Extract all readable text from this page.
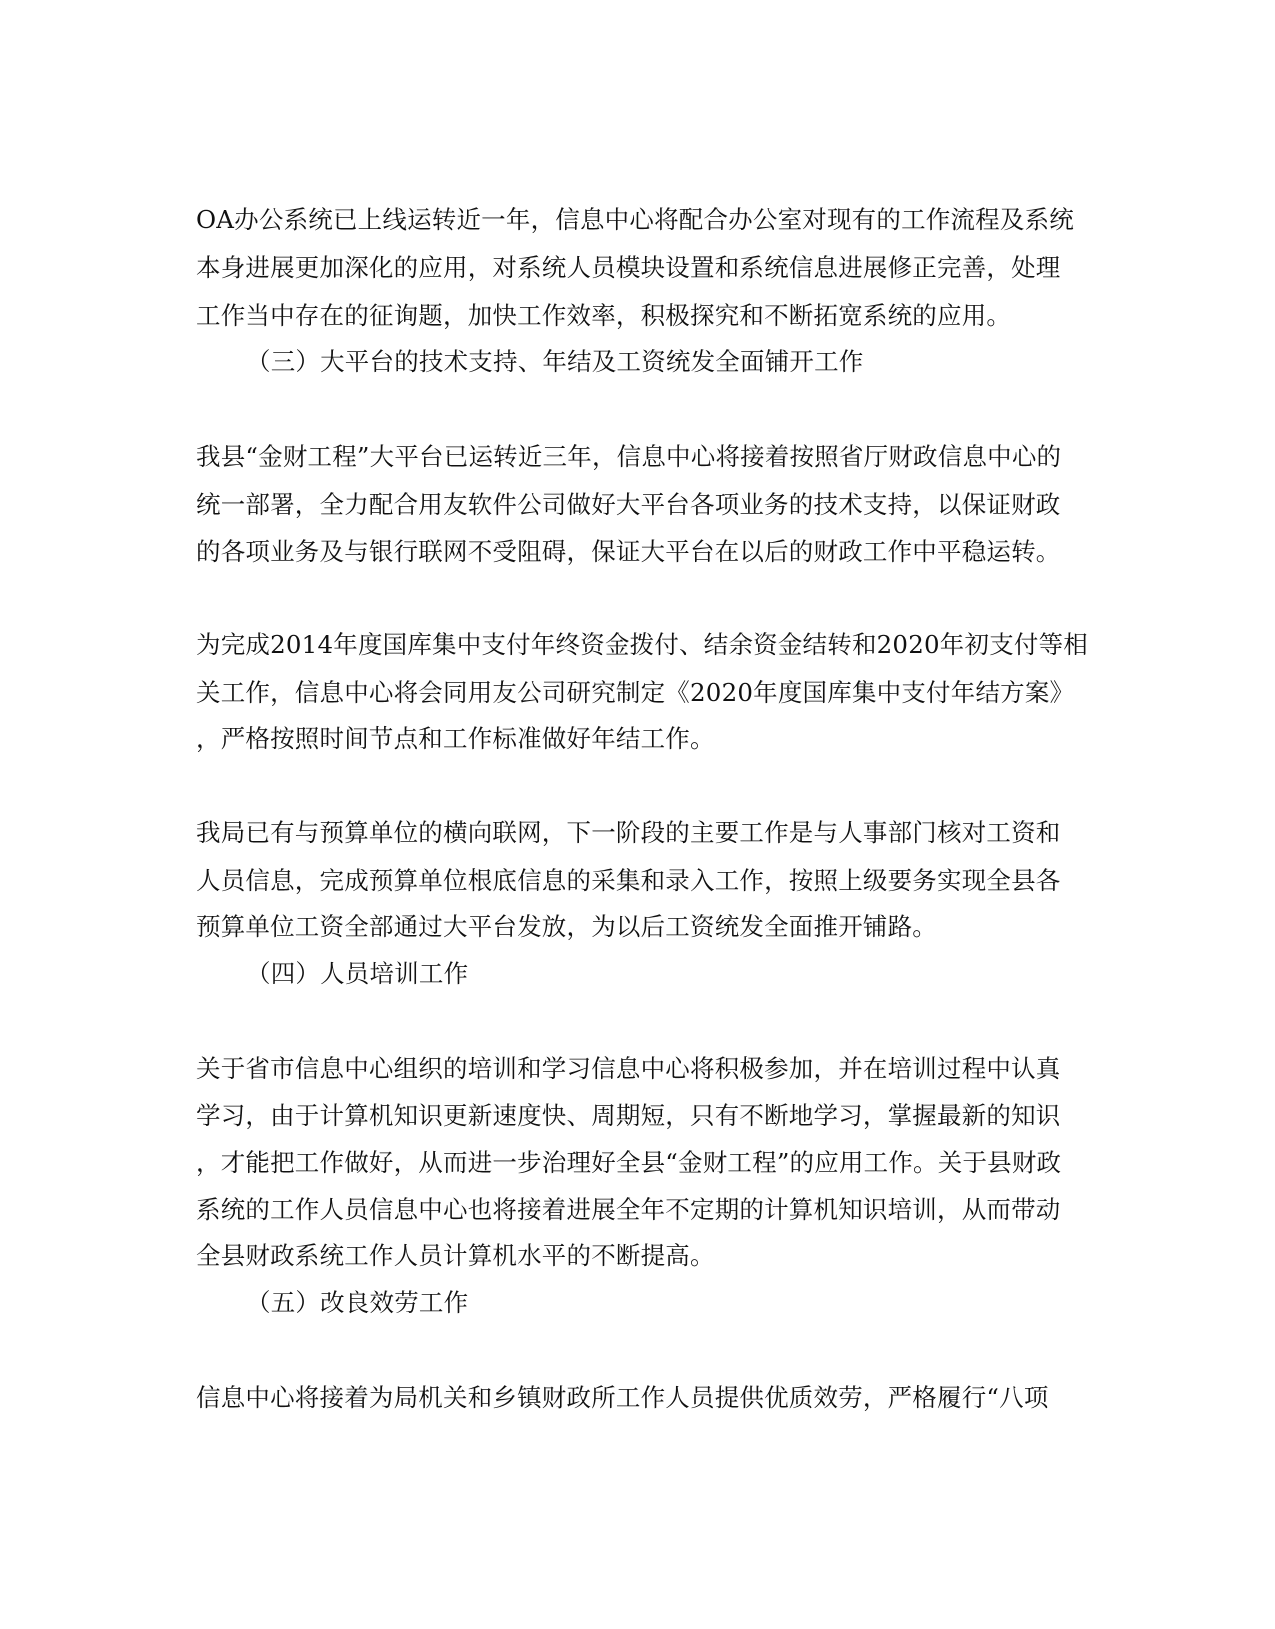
OA办公系统已上线运转近一年，信息中心将配合办公室对现有的工作流程及系统
本身进展更加深化的应用，对系统人员模块设置和系统信息进展修正完善，处理
工作当中存在的征询题，加快工作效率，积极探究和不断拓宽系统的应用。
（三）大平台的技术支持、年结及工资统发全面铺开工作
我县“金财工程”大平台已运转近三年，信息中心将接着按照省厅财政信息中心的
统一部署，全力配合用友软件公司做好大平台各项业务的技术支持，以保证财政
的各项业务及与银行联网不受阻碍，保证大平台在以后的财政工作中平稳运转。
为完成2014年度国库集中支付年终资金拨付、结余资金结转和2020年初支付等相
关工作，信息中心将会同用友公司研究制定《2020年度国库集中支付年结方案》
，严格按照时间节点和工作标准做好年结工作。
我局已有与预算单位的横向联网，下一阶段的主要工作是与人事部门核对工资和
人员信息，完成预算单位根底信息的采集和录入工作，按照上级要务实现全县各
预算单位工资全部通过大平台发放，为以后工资统发全面推开铺路。
（四）人员培训工作
关于省市信息中心组织的培训和学习信息中心将积极参加，并在培训过程中认真
学习，由于计算机知识更新速度快、周期短，只有不断地学习，掌握最新的知识
，才能把工作做好，从而进一步治理好全县“金财工程”的应用工作。关于县财政
系统的工作人员信息中心也将接着进展全年不定期的计算机知识培训，从而带动
全县财政系统工作人员计算机水平的不断提高。
（五）改良效劳工作
信息中心将接着为局机关和乡镇财政所工作人员提供优质效劳，严格履行“八项
